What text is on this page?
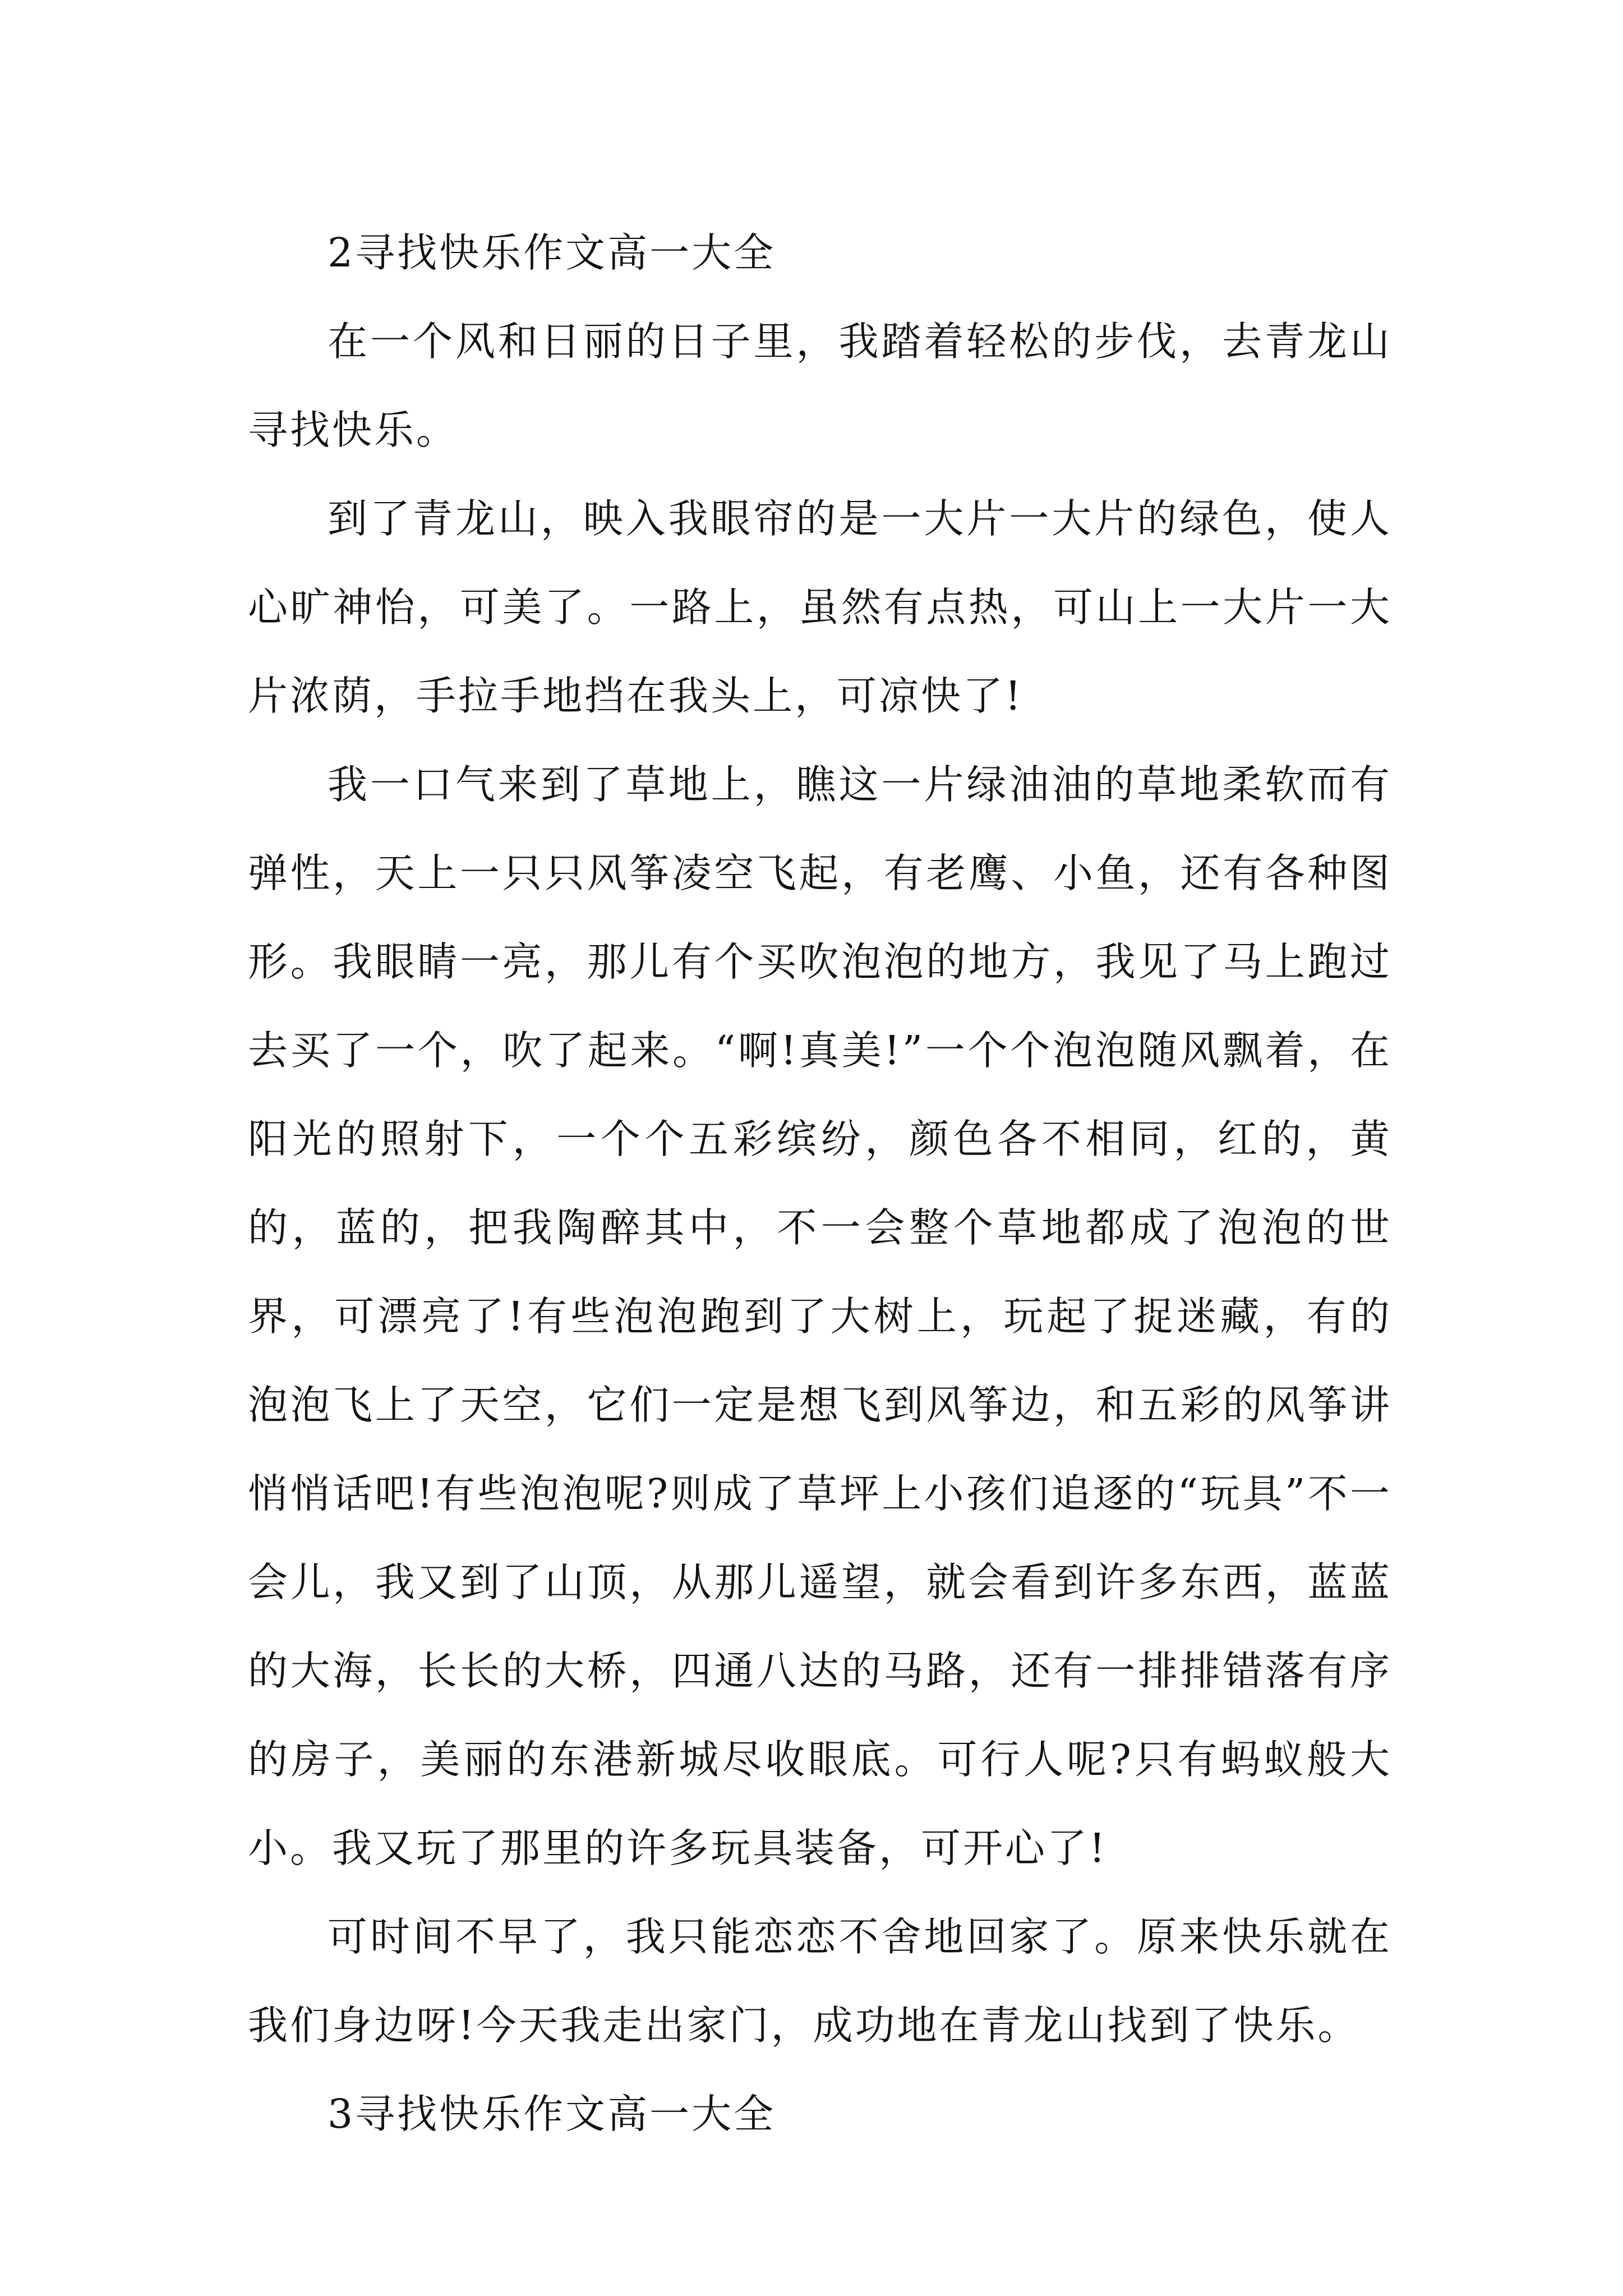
2寻找快乐作文高一大全

在一个风和日丽的日子里，我踏着轻松的步伐，去青龙山寻找快乐。

到了青龙山，映入我眼帘的是一大片一大片的绿色，使人心旷神怡，可美了。一路上，虽然有点热，可山上一大片一大片浓荫，手拉手地挡在我头上，可凉快了!

我一口气来到了草地上，瞧这一片绿油油的草地柔软而有弹性，天上一只只风筝凌空飞起，有老鹰、小鱼，还有各种图形。我眼睛一亮，那儿有个买吹泡泡的地方，我见了马上跑过去买了一个，吹了起来。“啊!真美!”一个个泡泡随风飘着，在阳光的照射下，一个个五彩缤纷，颜色各不相同，红的，黄的，蓝的，把我陶醉其中，不一会整个草地都成了泡泡的世界，可漂亮了!有些泡泡跑到了大树上，玩起了捉迷藏，有的泡泡飞上了天空，它们一定是想飞到风筝边，和五彩的风筝讲悄悄话吧!有些泡泡呢?则成了草坪上小孩们追逐的“玩具”不一会儿，我又到了山顶，从那儿遥望，就会看到许多东西，蓝蓝的大海，长长的大桥，四通八达的马路，还有一排排错落有序的房子，美丽的东港新城尽收眼底。可行人呢?只有蚂蚁般大小。我又玩了那里的许多玩具装备，可开心了!

可时间不早了，我只能恋恋不舍地回家了。原来快乐就在我们身边呀!今天我走出家门，成功地在青龙山找到了快乐。

3寻找快乐作文高一大全
